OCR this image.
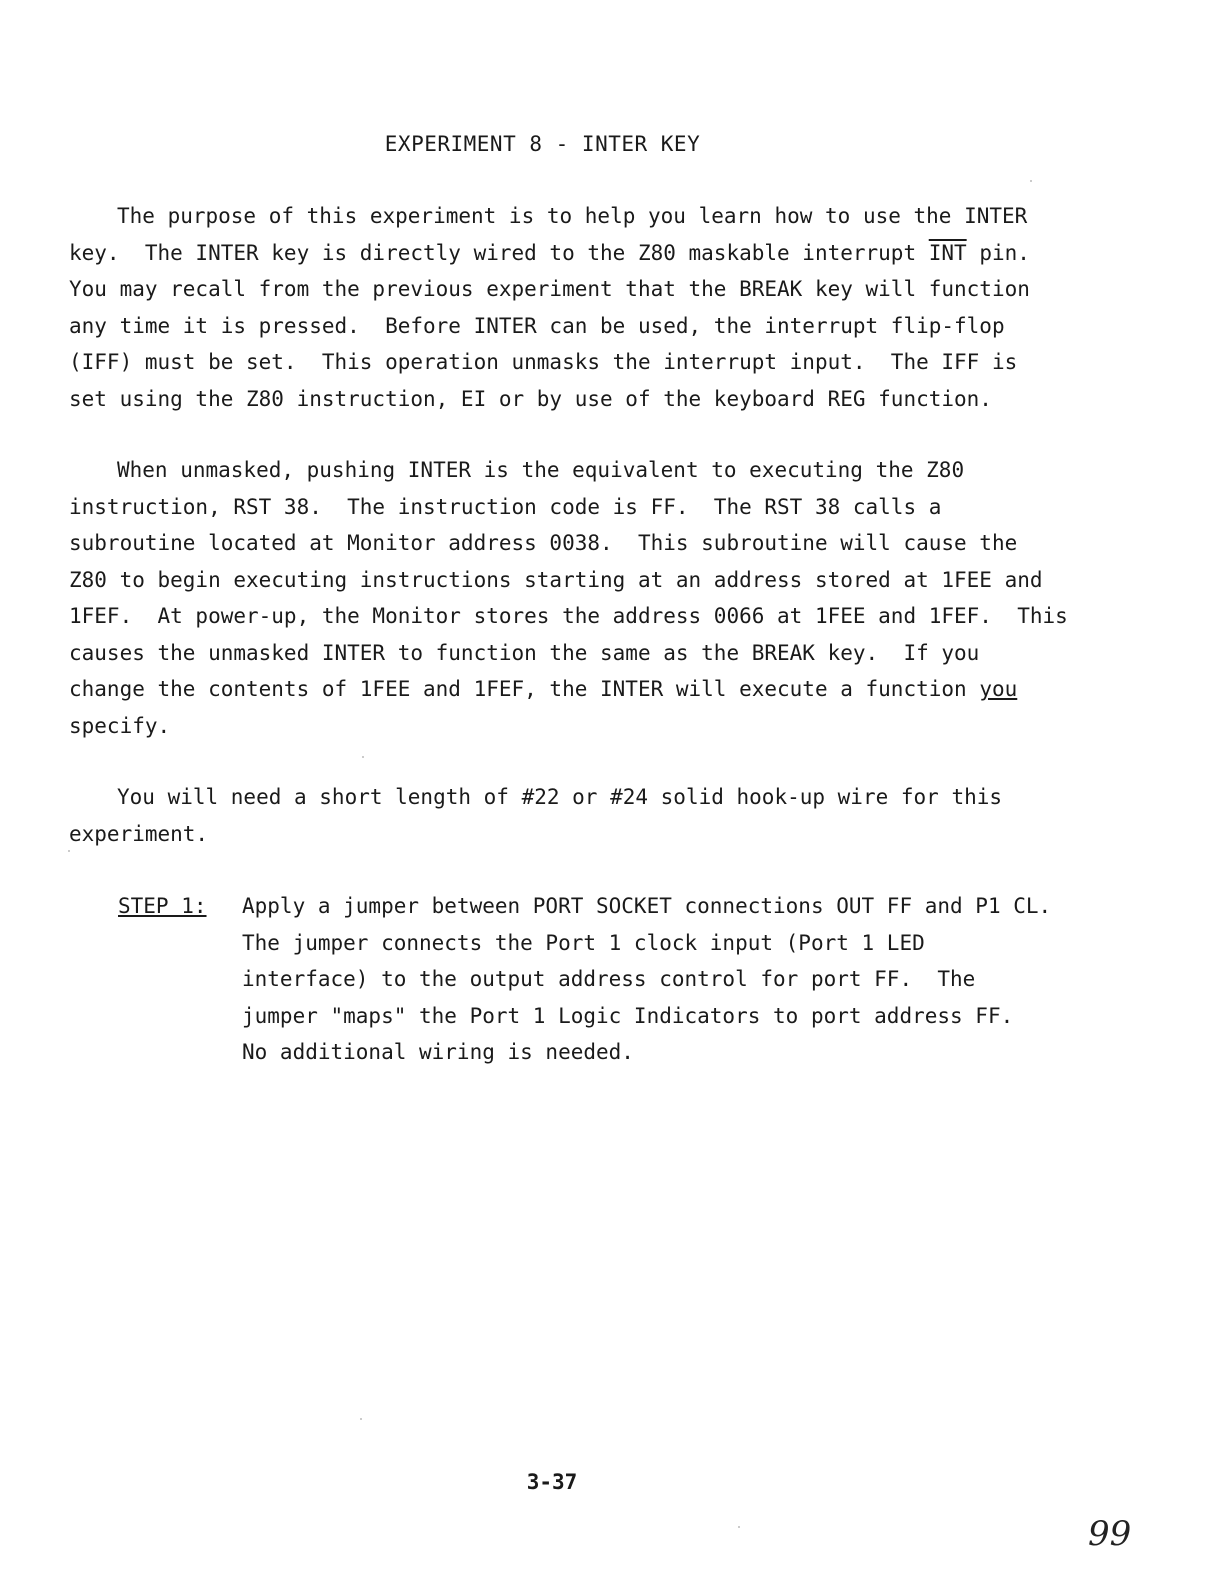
EXPERIMENT 8 - INTER KEY
The purpose of this experiment is to help you learn how to use the INTER
key.  The INTER key is directly wired to the Z80 maskable interrupt $\overline{INT}$ pin.
You may recall from the previous experiment that the BREAK key will function
any time it is pressed.  Before INTER can be used, the interrupt flip-flop
(IFF) must be set.  This operation unmasks the interrupt input.  The IFF is
set using the Z80 instruction, EI or by use of the keyboard REG function.
When unmasked, pushing INTER is the equivalent to executing the Z80
instruction, RST 38.  The instruction code is FF.  The RST 38 calls a
subroutine located at Monitor address 0038.  This subroutine will cause the
Z80 to begin executing instructions starting at an address stored at 1FEE and
1FEF.  At power-up, the Monitor stores the address 0066 at 1FEE and 1FEF.  This
causes the unmasked INTER to function the same as the BREAK key.  If you
change the contents of 1FEE and 1FEF, the INTER will execute a function you
specify.
You will need a short length of #22 or #24 solid hook-up wire for this
experiment.
STEP 1: Apply a jumper between PORT SOCKET connections OUT FF and P1 CL.
The jumper connects the Port 1 clock input (Port 1 LED
interface) to the output address control for port FF.  The
jumper "maps" the Port 1 Logic Indicators to port address FF.
No additional wiring is needed.
3-37
99
